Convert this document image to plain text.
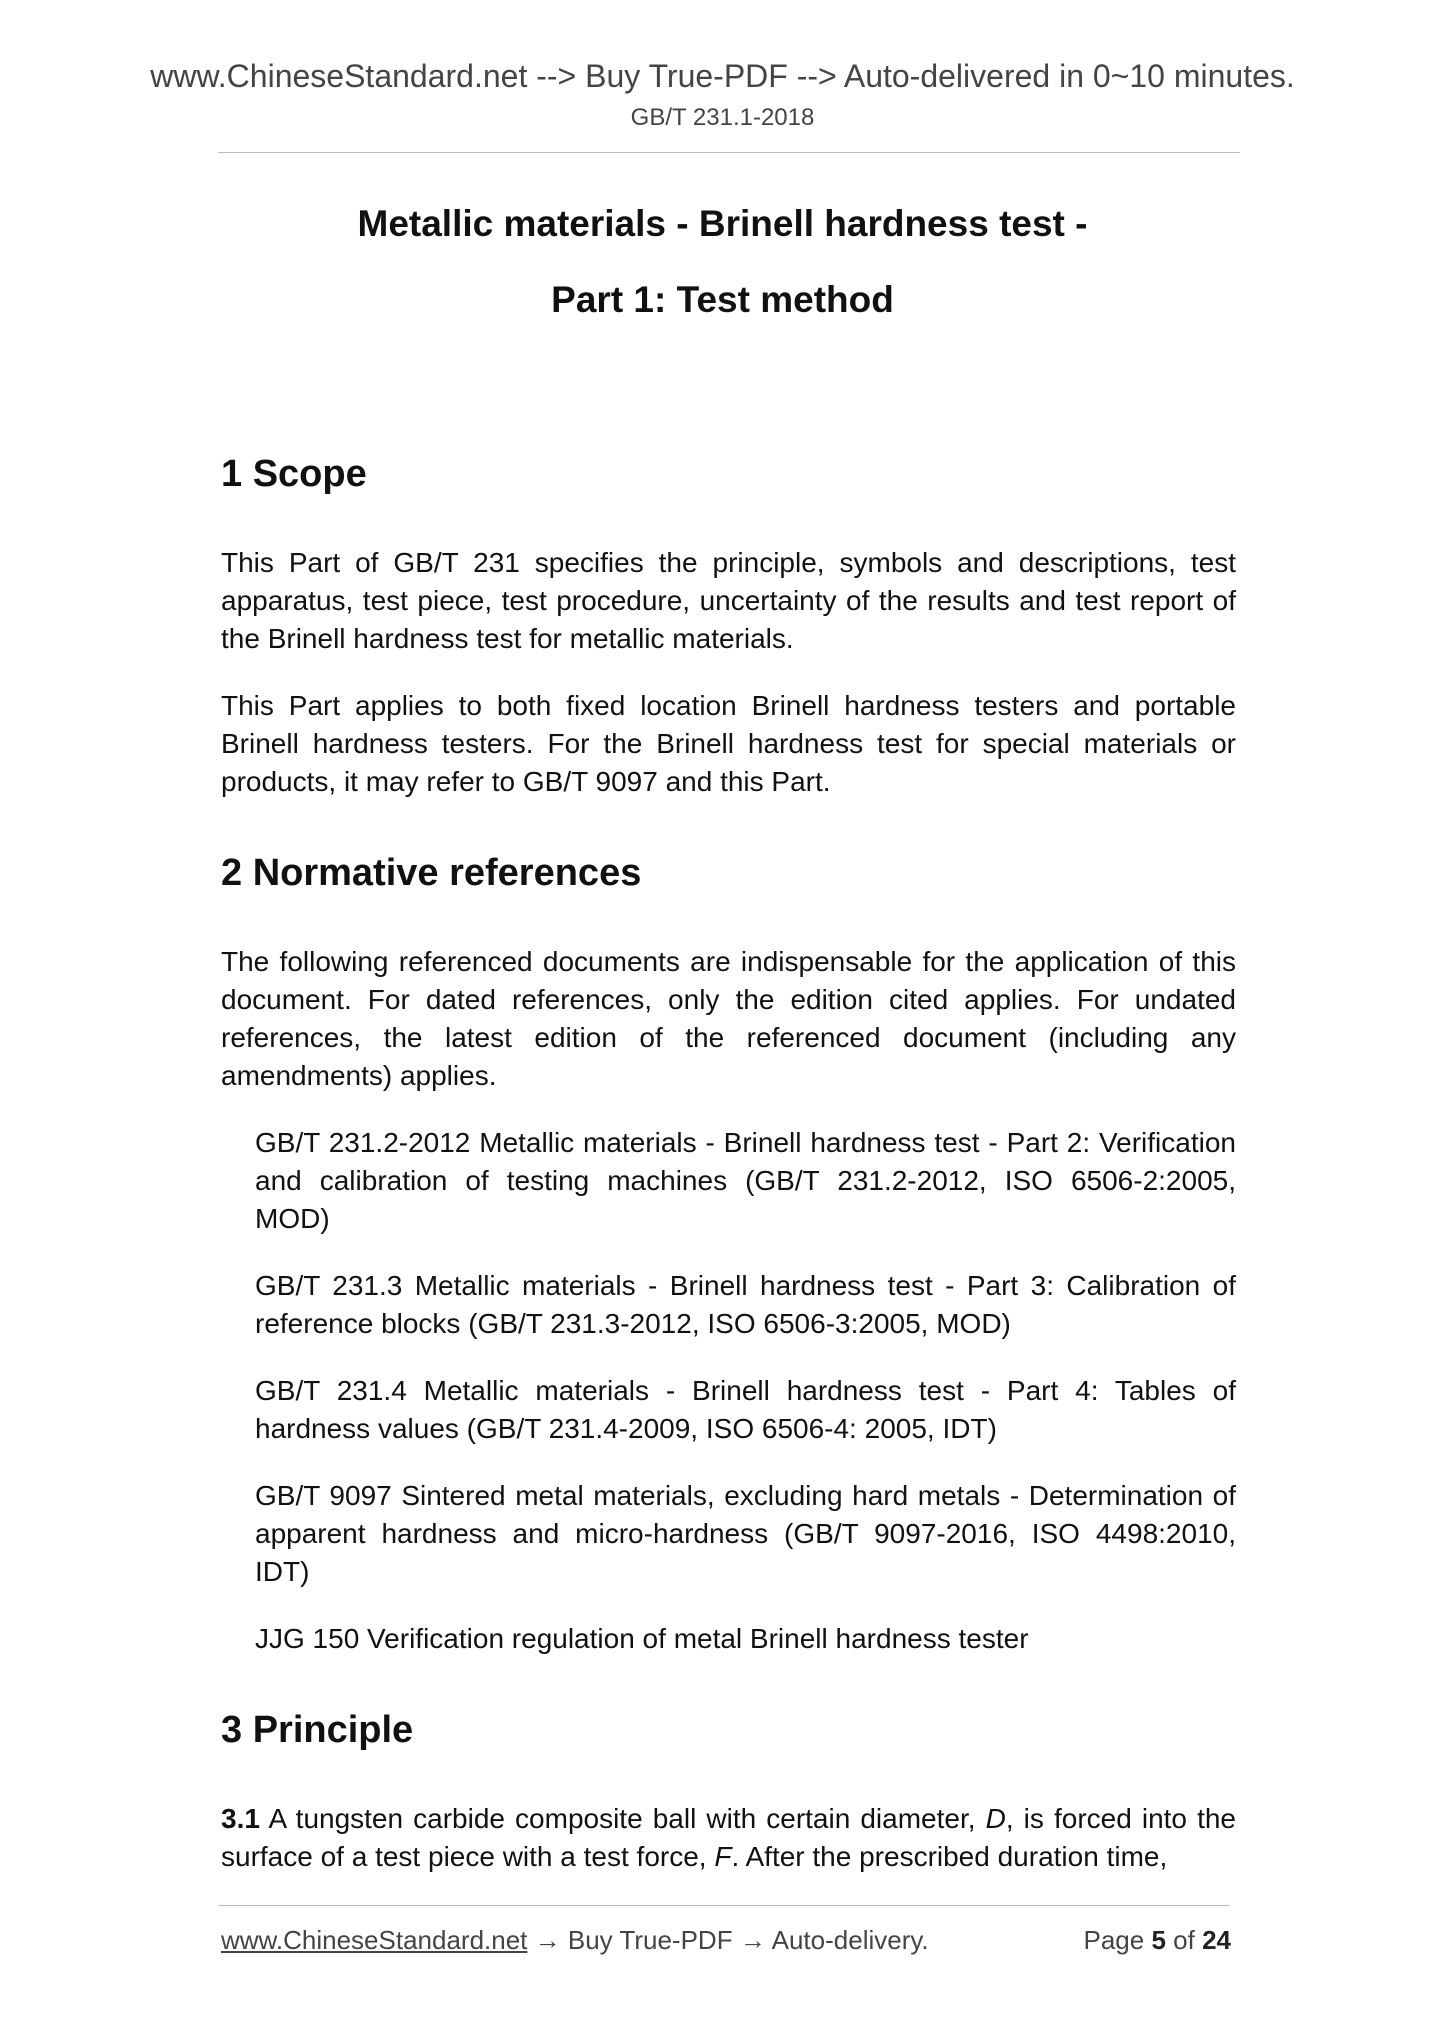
www.ChineseStandard.net --> Buy True-PDF --> Auto-delivered in 0~10 minutes.
GB/T 231.1-2018
Metallic materials - Brinell hardness test -
Part 1: Test method
1 Scope

This Part of GB/T 231 specifies the principle, symbols and descriptions, test apparatus, test piece, test procedure, uncertainty of the results and test report of the Brinell hardness test for metallic materials.

This Part applies to both fixed location Brinell hardness testers and portable Brinell hardness testers. For the Brinell hardness test for special materials or products, it may refer to GB/T 9097 and this Part.

2 Normative references

The following referenced documents are indispensable for the application of this document. For dated references, only the edition cited applies. For undated references, the latest edition of the referenced document (including any amendments) applies.

GB/T 231.2-2012 Metallic materials - Brinell hardness test - Part 2: Verification and calibration of testing machines (GB/T 231.2-2012, ISO 6506-2:2005, MOD)

GB/T 231.3 Metallic materials - Brinell hardness test - Part 3: Calibration of reference blocks (GB/T 231.3-2012, ISO 6506-3:2005, MOD)

GB/T 231.4 Metallic materials - Brinell hardness test - Part 4: Tables of hardness values (GB/T 231.4-2009, ISO 6506-4: 2005, IDT)

GB/T 9097 Sintered metal materials, excluding hard metals - Determination of apparent hardness and micro-hardness (GB/T 9097-2016, ISO 4498:2010, IDT)

JJG 150 Verification regulation of metal Brinell hardness tester

3 Principle

3.1 A tungsten carbide composite ball with certain diameter, D, is forced into the surface of a test piece with a test force, F. After the prescribed duration time,

www.ChineseStandard.net → Buy True-PDF → Auto-delivery.	Page 5 of 24
